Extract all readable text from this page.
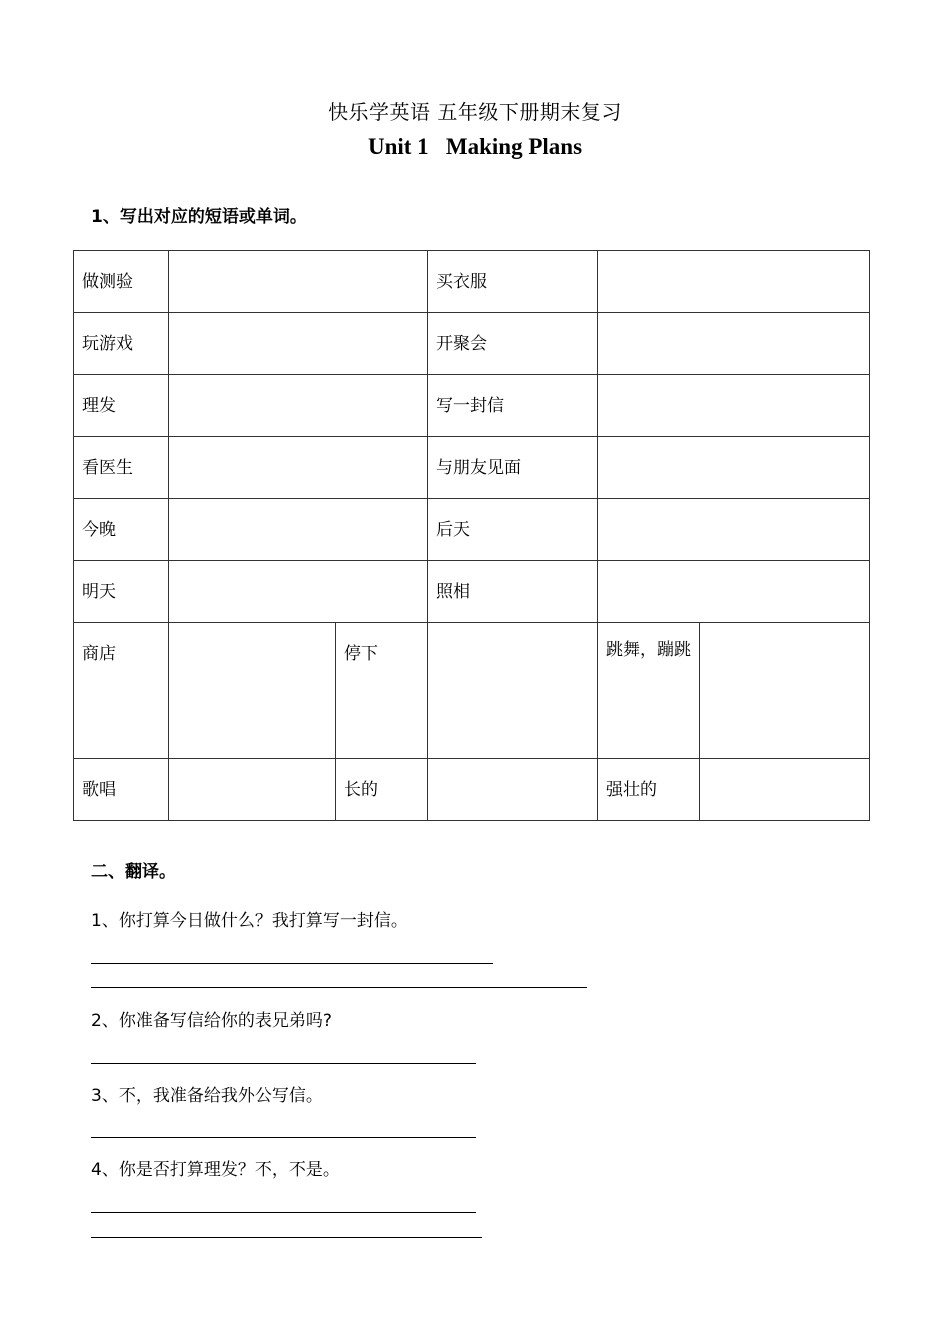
快乐学英语 五年级下册期末复习
Unit 1   Making Plans
1、写出对应的短语或单词。
做测验			买衣服		
玩游戏			开聚会		
理发			写一封信		
看医生			与朋友见面		
今晚			后天		
明天			照相		
商店		停下		跳舞，蹦跳	

歌唱		长的		强壮的	
二、翻译。
1、你打算今日做什么？我打算写一封信。
2、你准备写信给你的表兄弟吗?
3、不，我准备给我外公写信。
4、你是否打算理发？不，不是。
